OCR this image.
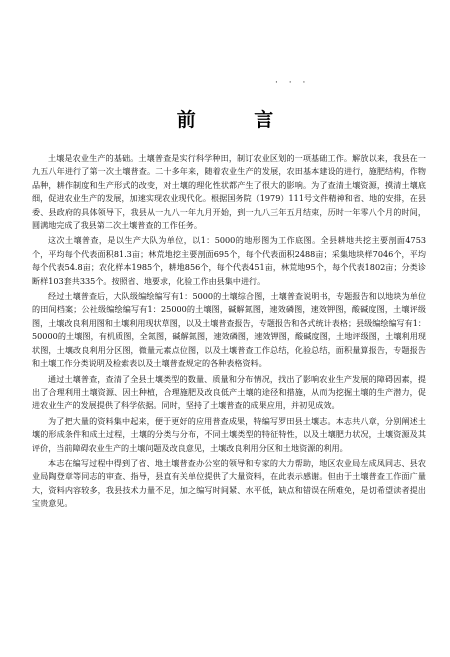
· · ·
前 言

土壤是农业生产的基础。土壤普查是实行科学种田，制订农业区划的一项基础工作。解放以来，我县在一九五八年进行了第一次土壤普查。二十多年来，随着农业生产的发展，农田基本建设的进行，施肥结构，作物品种，耕作制度和生产形式的改变，对土壤的理化性状都产生了很大的影响。为了查清土壤资源，摸清土壤底细，促进农业生产的发展，加速实现农业现代化。根据国务院（1979）111号文件精神和省、地的安排，在县委、县政府的具体领导下，我县从一九八一年九月开始，到一九八三年五月结束，历时一年零八个月的时间，圆满地完成了我县第二次土壤普查的工作任务。

这次土壤普查，是以生产大队为单位，以1：5000的地形图为工作底图。全县耕地共挖主要剖面4753个，平均每个代表面积81.3亩；林荒地挖主要剖面695个，每个代表面积2488亩；采集地块样7046个，平均每个代表54.8亩；农化样本1985个，耕地856个，每个代表451亩，林荒地95个，每个代表1802亩；分类诊断样103套共335个。按照省、地要求，化验工作由县集中进行。

经过土壤普查后，大队级编绘编写有1：5000的土壤综合图，土壤普查说明书，专题报告和以地块为单位的田间档案；公社级编绘编写有1：25000的土壤图，碱解氮图，速效磷图，速效钾图，酸碱度图，土壤评级图，土壤改良利用图和土壤利用现状草图，以及土壤普查报告，专题报告和各式统计表格；县级编绘编写有1：50000的土壤图，有机质图，全氮图，碱解氮图，速效磷图，速效钾图，酸碱度图，土地评级图，土壤利用现状图，土壤改良利用分区图，微量元素点位图，以及土壤普查工作总结，化验总结，面积量算报告，专题报告和土壤工作分类说明及检索表以及土壤普查规定的各种表格资料。

通过土壤普查，查清了全县土壤类型的数量、质量和分布情况，找出了影响农业生产发展的障碍因素，提出了合理利用土壤资源、因土种植，合理施肥及改良低产土壤的途径和措施，从而为挖掘土壤的生产潜力，促进农业生产的发展提供了科学依据。同时，坚持了土壤普查的成果应用，并初见成效。

为了把大量的资料集中起来，便于更好的应用普查成果，特编写罗田县土壤志。本志共八章，分别阐述土壤的形成条件和成土过程，土壤的分类与分布，不同土壤类型的特征特性，以及土壤肥力状况，土壤资源及其评价，当前障碍农业生产的土壤问题及改良意见，土壤改良利用分区和土地资源的利用。

本志在编写过程中得到了省、地土壤普查办公室的领导和专家的大力帮助，地区农业局左成凤同志、县农业局陶登章等同志的审查、指导，县直有关单位提供了大量资料，在此表示感谢。但由于土壤普查工作面广量大，资料内容较多，我县技术力量不足，加之编写时间紧、水平低，缺点和错误在所难免，是切希望读者提出宝贵意见。
